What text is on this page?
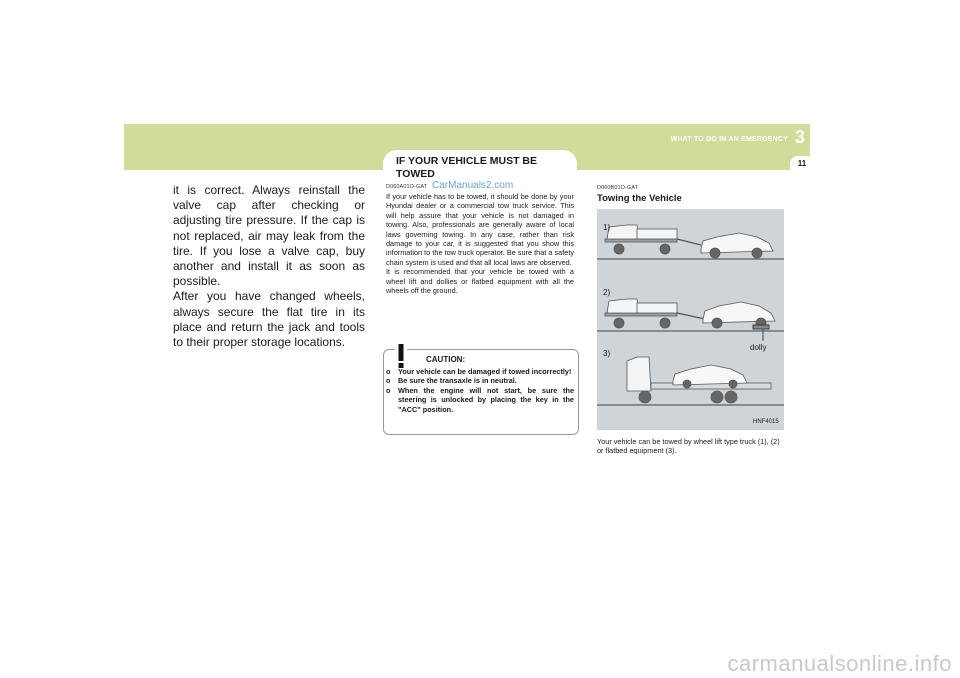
WHAT TO DO IN AN EMERGENCY 3
11
IF YOUR VEHICLE MUST BE TOWED

it is correct. Always reinstall the valve cap after checking or adjusting tire pressure. If the cap is not replaced, air may leak from the tire. If you lose a valve cap, buy another and install it as soon as possible.

After you have changed wheels, always secure the flat tire in its place and return the jack and tools to their proper storage locations.

D060A01O-GAT CarManuals2.com

If your vehicle has to be towed, it should be done by your Hyundai dealer or a commercial tow truck service. This will help assure that your vehicle is not damaged in towing. Also, professionals are generally aware of local laws governing towing. In any case, rather than risk damage to your car, it is suggested that you show this information to the tow truck operator. Be sure that a safety chain system is used and that all local laws are observed.

It is recommended that your vehicle be towed with a wheel lift and dollies or flatbed equipment with all the wheels off the ground.

CAUTION:
o Your vehicle can be damaged if towed incorrectly!
o Be sure the transaxle is in neutral.
o When the engine will not start, be sure the steering is unlocked by placing the key in the "ACC" position.
D060B01O-GAT
Towing the Vehicle
1)
2)
3)
dolly
HNF4015
Your vehicle can be towed by wheel lift type truck (1), (2) or flatbed equipment (3).
carmanualsonline.info
